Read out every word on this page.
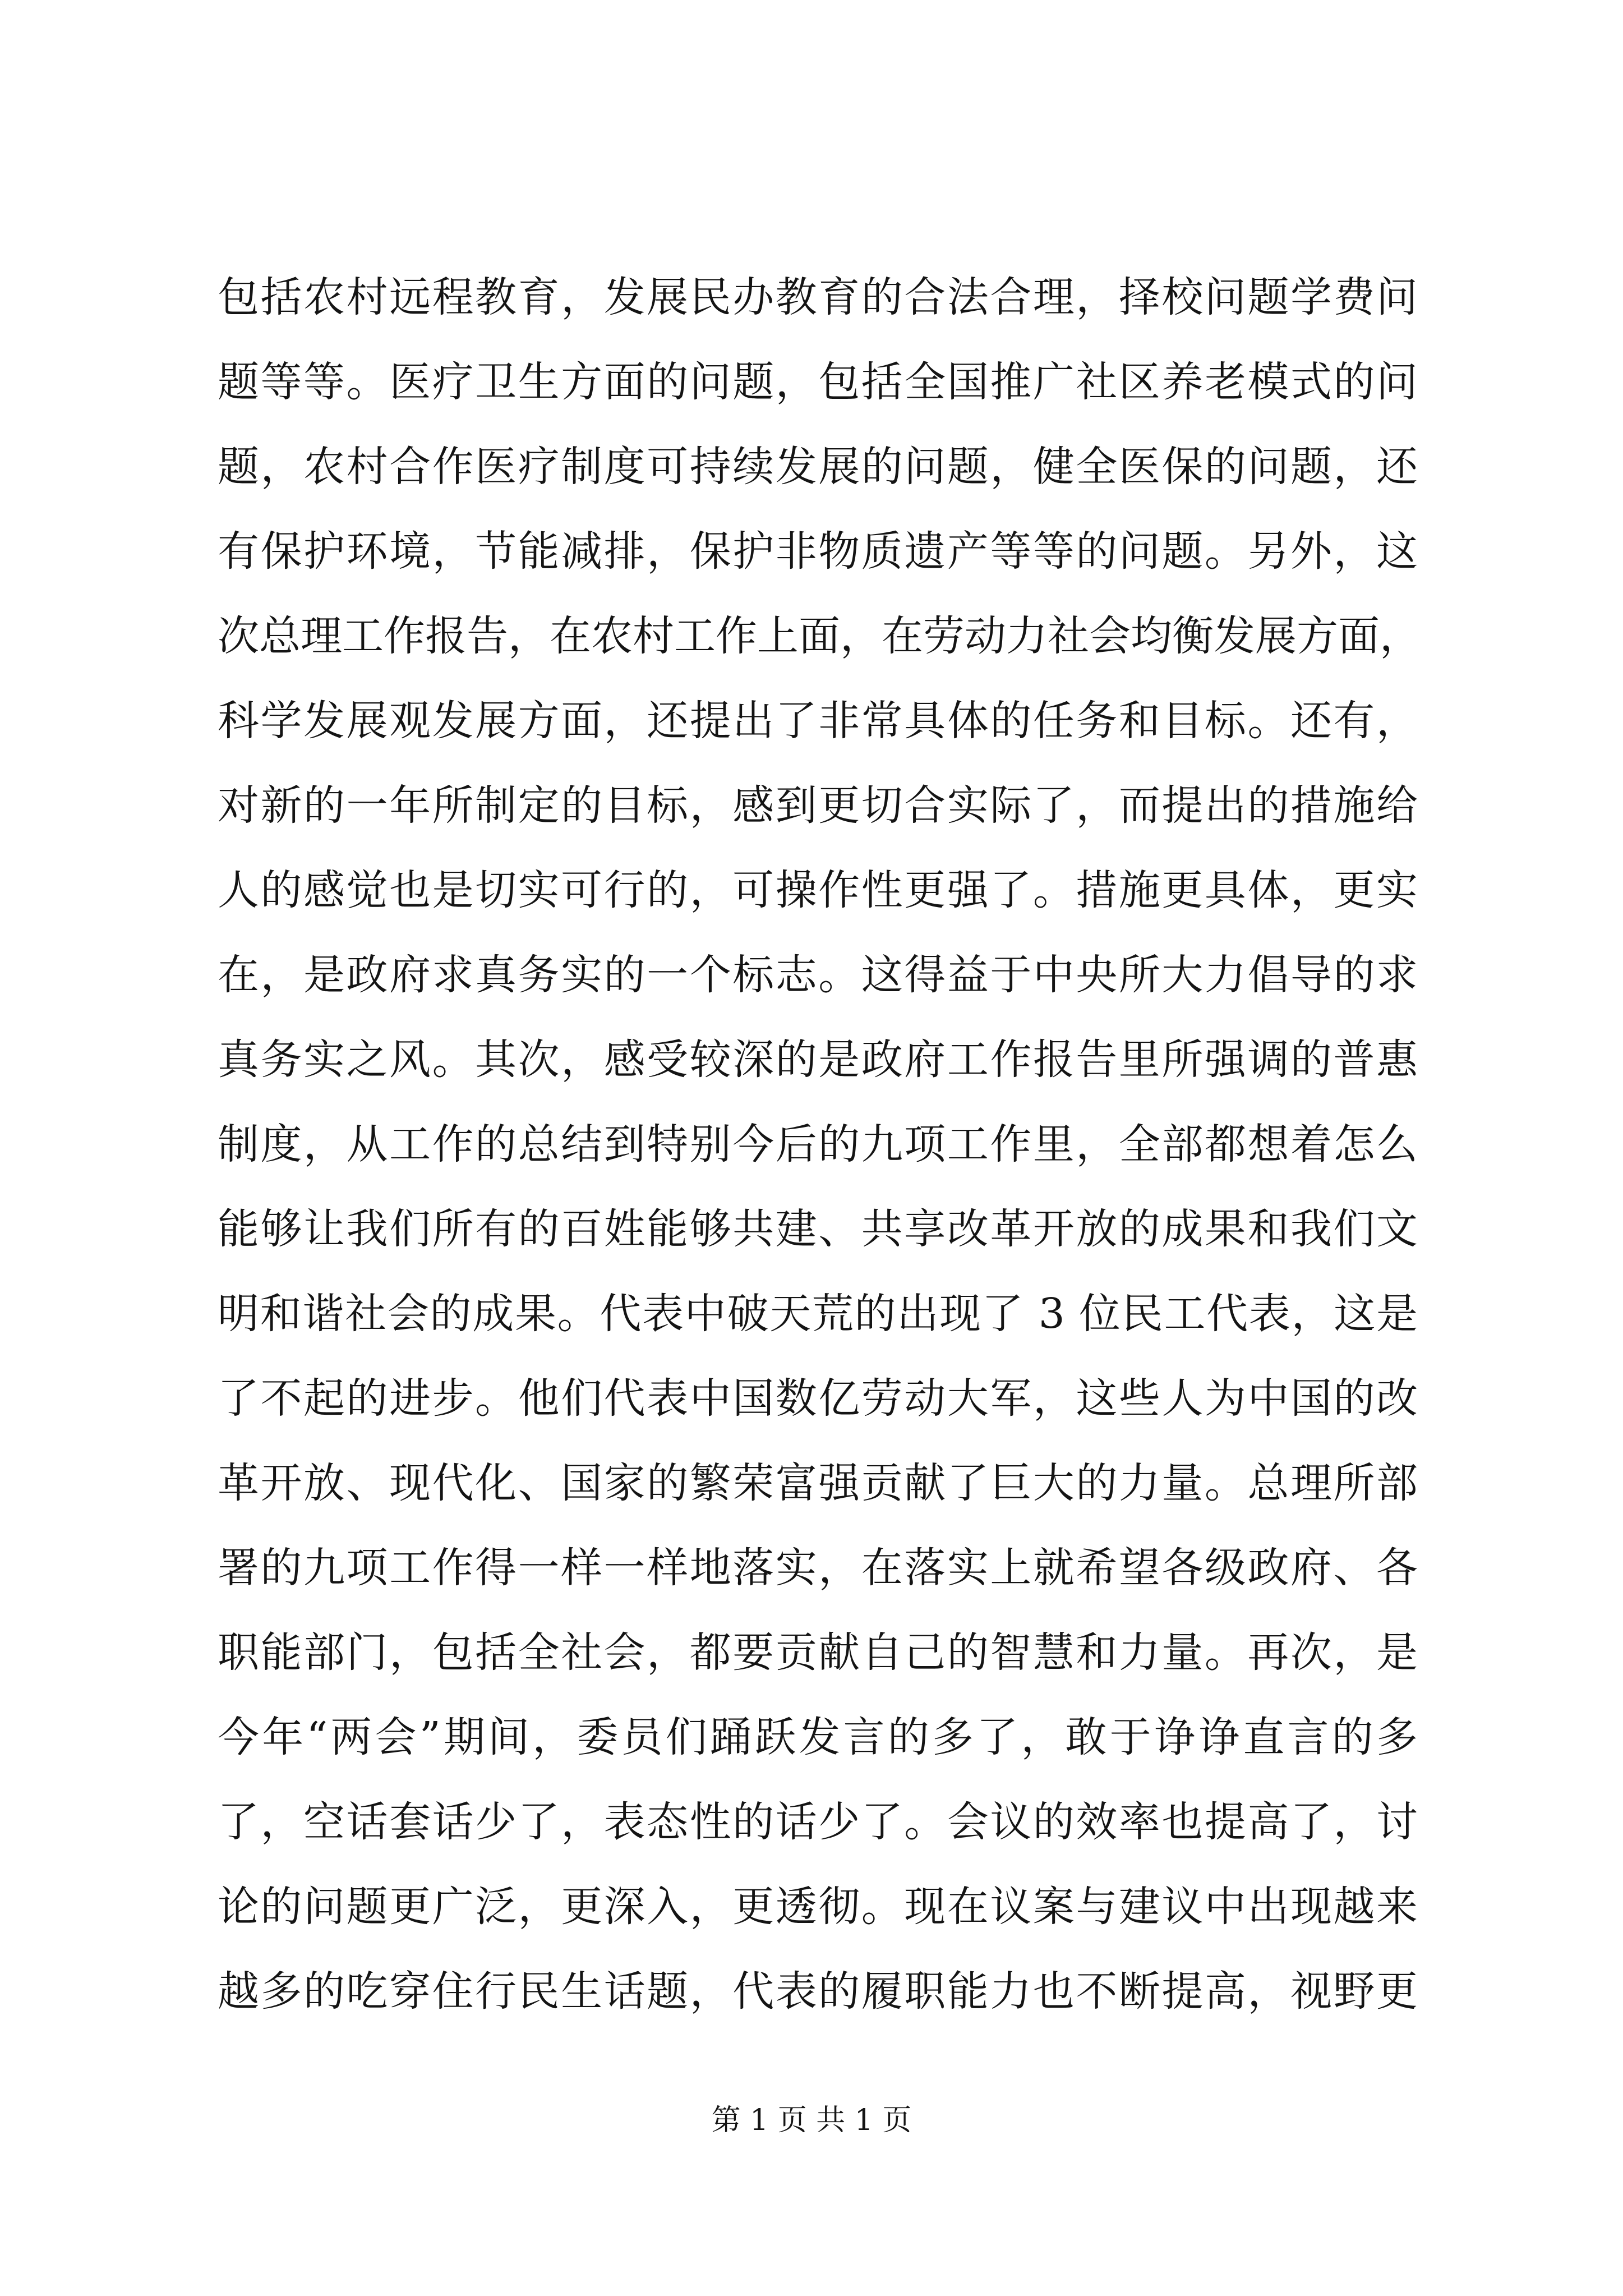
包括农村远程教育，发展民办教育的合法合理，择校问题学费问
题等等。医疗卫生方面的问题，包括全国推广社区养老模式的问
题，农村合作医疗制度可持续发展的问题，健全医保的问题，还
有保护环境，节能减排，保护非物质遗产等等的问题。另外，这
次总理工作报告，在农村工作上面，在劳动力社会均衡发展方面，
科学发展观发展方面，还提出了非常具体的任务和目标。还有，
对新的一年所制定的目标，感到更切合实际了，而提出的措施给
人的感觉也是切实可行的，可操作性更强了。措施更具体，更实
在，是政府求真务实的一个标志。这得益于中央所大力倡导的求
真务实之风。其次，感受较深的是政府工作报告里所强调的普惠
制度，从工作的总结到特别今后的九项工作里，全部都想着怎么
能够让我们所有的百姓能够共建、共享改革开放的成果和我们文
明和谐社会的成果。代表中破天荒的出现了 3 位民工代表，这是
了不起的进步。他们代表中国数亿劳动大军，这些人为中国的改
革开放、现代化、国家的繁荣富强贡献了巨大的力量。总理所部
署的九项工作得一样一样地落实，在落实上就希望各级政府、各
职能部门，包括全社会，都要贡献自己的智慧和力量。再次，是
今年“两会”期间，委员们踊跃发言的多了，敢于诤诤直言的多
了，空话套话少了，表态性的话少了。会议的效率也提高了，讨
论的问题更广泛，更深入，更透彻。现在议案与建议中出现越来
越多的吃穿住行民生话题，代表的履职能力也不断提高，视野更
第 1 页 共 1 页
